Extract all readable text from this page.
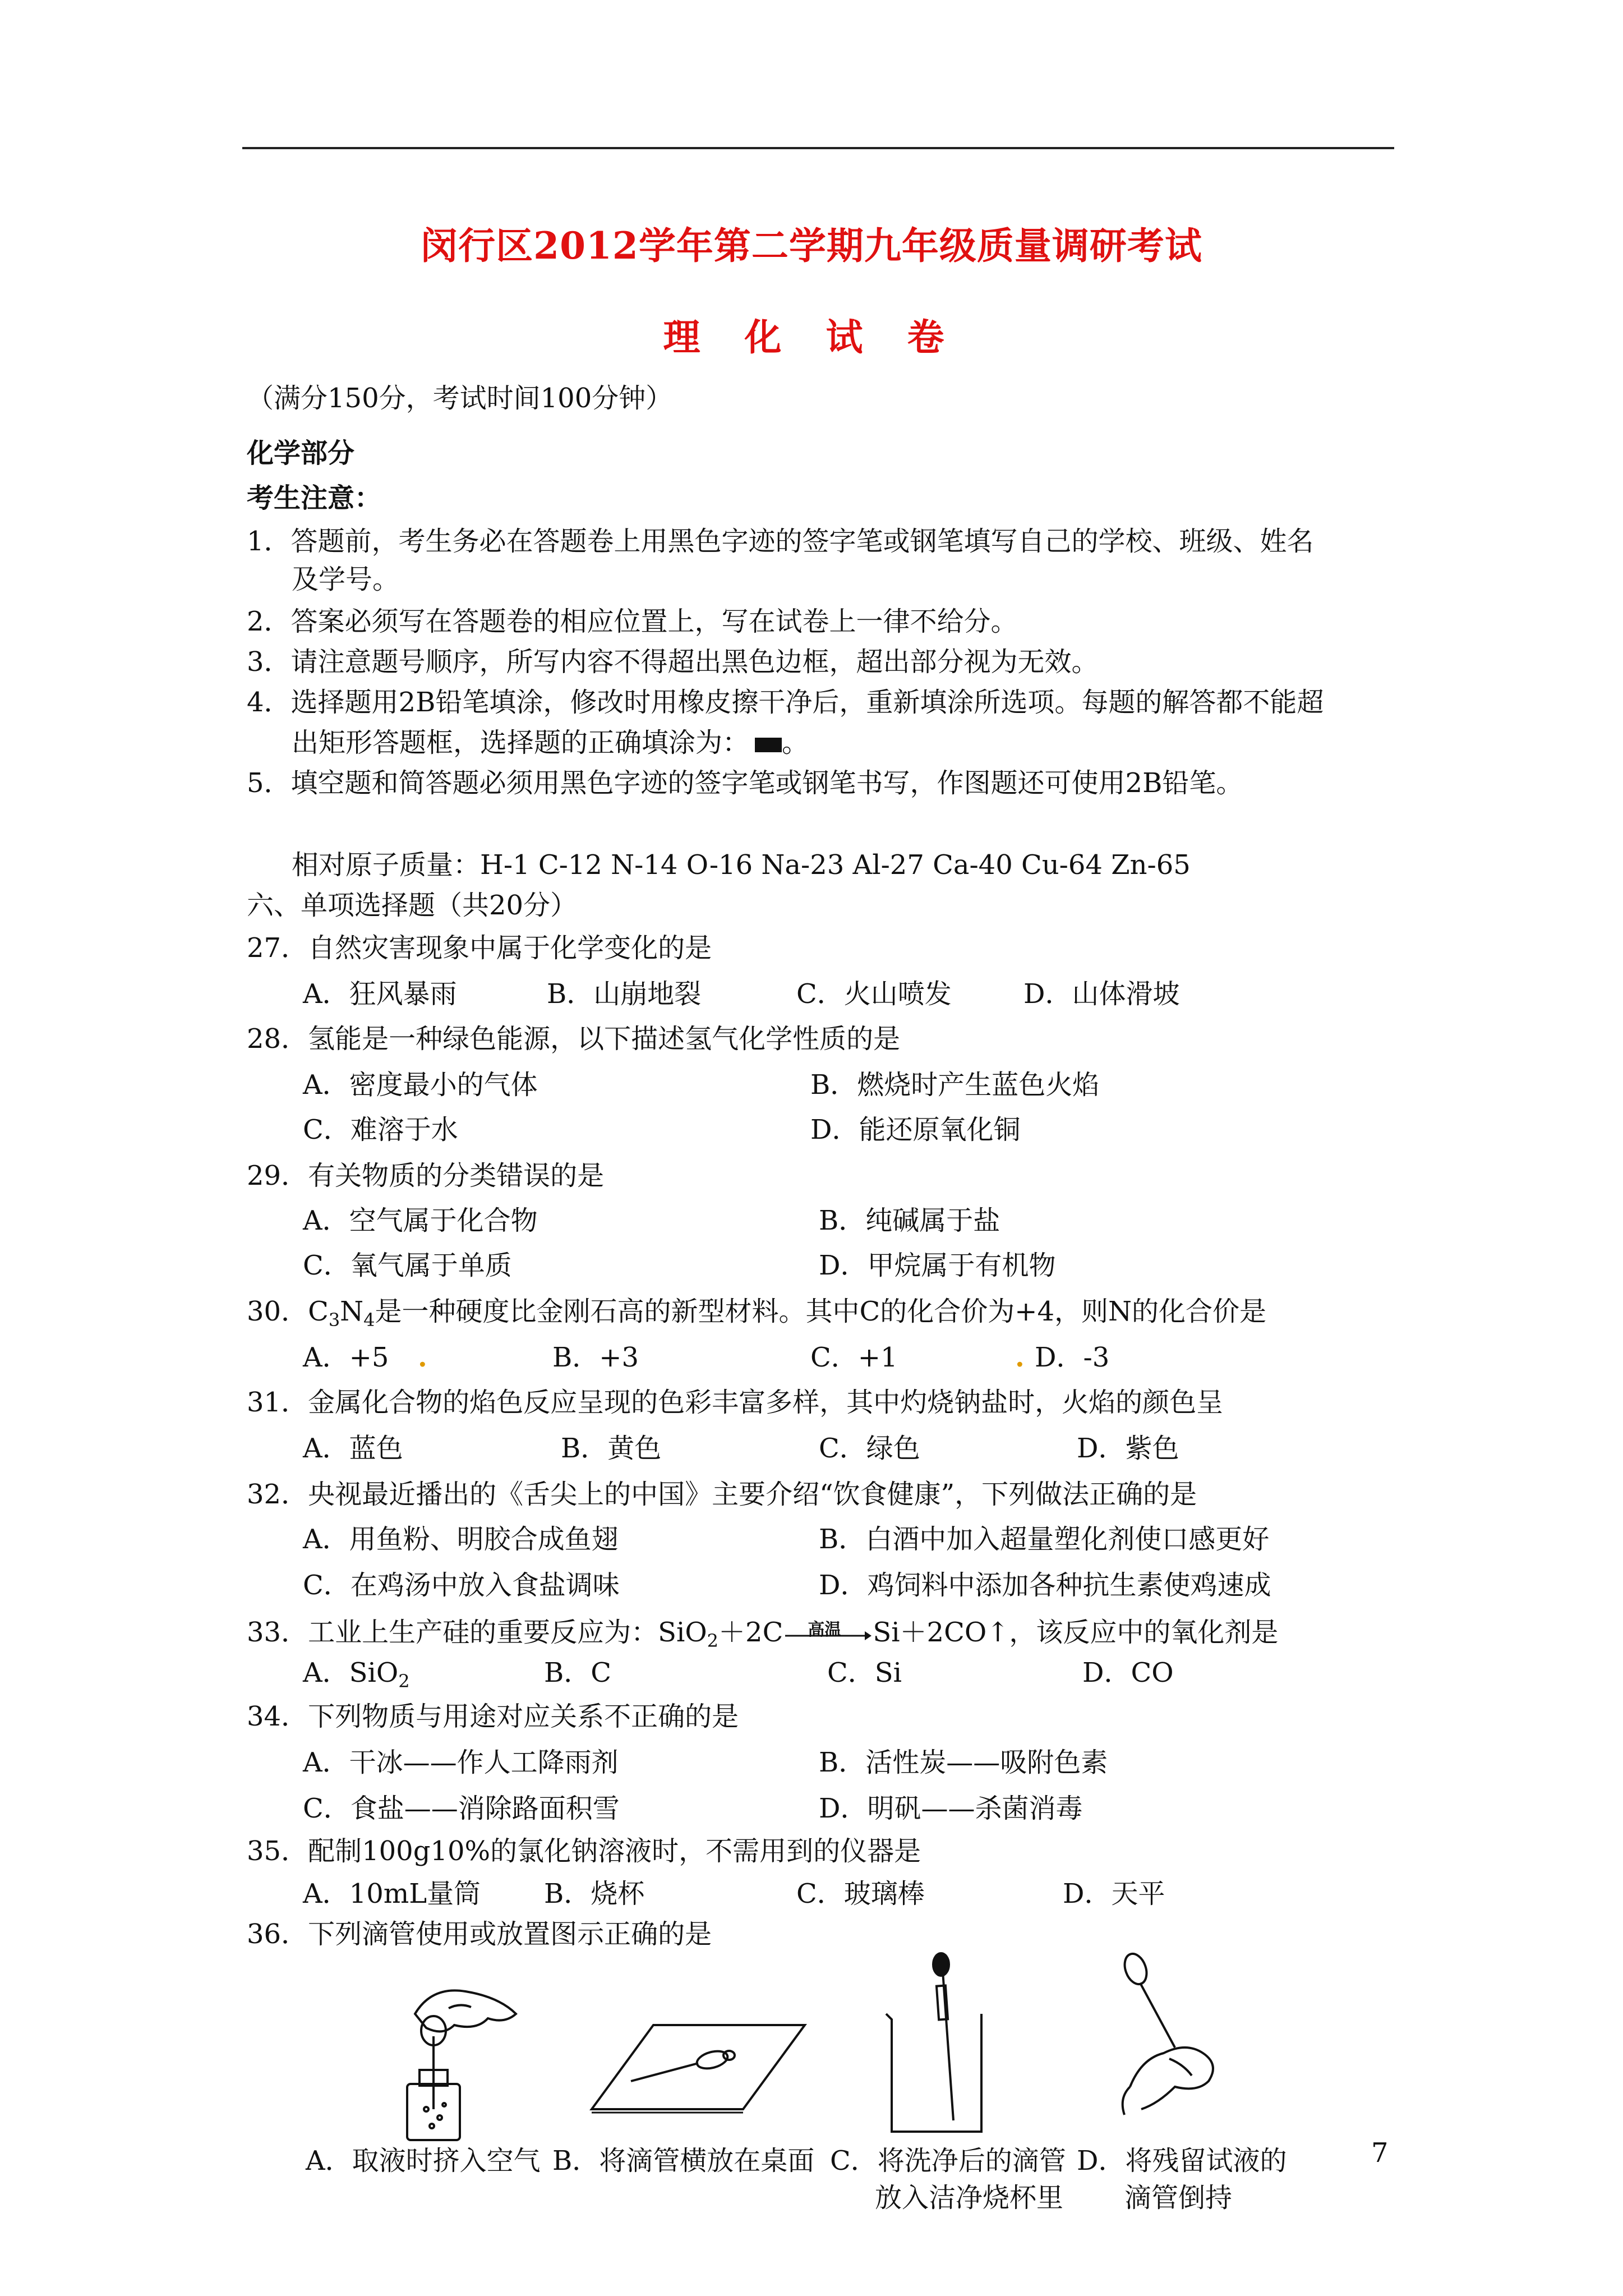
闵行区2012学年第二学期九年级质量调研考试
理 化 试 卷
（满分150分，考试时间100分钟）
化学部分
考生注意：
1．答题前，考生务必在答题卷上用黑色字迹的签字笔或钢笔填写自己的学校、班级、姓名
及学号。
2．答案必须写在答题卷的相应位置上，写在试卷上一律不给分。
3．请注意题号顺序，所写内容不得超出黑色边框，超出部分视为无效。
4．选择题用2B铅笔填涂，修改时用橡皮擦干净后，重新填涂所选项。每题的解答都不能超
出矩形答题框，选择题的正确填涂为： 。
5．填空题和简答题必须用黑色字迹的签字笔或钢笔书写，作图题还可使用2B铅笔。
相对原子质量：H-1 C-12 N-14 O-16 Na-23 Al-27 Ca-40 Cu-64 Zn-65
六、单项选择题（共20分）
27．自然灾害现象中属于化学变化的是
A．狂风暴雨	B．山崩地裂	C．火山喷发	D．山体滑坡
28．氢能是一种绿色能源，以下描述氢气化学性质的是
A．密度最小的气体	B．燃烧时产生蓝色火焰
C．难溶于水	D．能还原氧化铜
29．有关物质的分类错误的是
A．空气属于化合物	B．纯碱属于盐
C．氧气属于单质	D．甲烷属于有机物
30．$C_3N_4$是一种硬度比金刚石高的新型材料。其中C的化合价为+4，则N的化合价是
A．+5 .	B．+3	C．+1	. D．-3
31．金属化合物的焰色反应呈现的色彩丰富多样，其中灼烧钠盐时，火焰的颜色呈
A．蓝色	B．黄色	C．绿色	D．紫色
32．央视最近播出的《舌尖上的中国》主要介绍“饮食健康”，下列做法正确的是
A．用鱼粉、明胶合成鱼翅	B．白酒中加入超量塑化剂使口感更好
C．在鸡汤中放入食盐调味	D．鸡饲料中添加各种抗生素使鸡速成
33．工业上生产硅的重要反应为：SiO$_2$＋2C 高温 Si＋2CO↑，该反应中的氧化剂是
A．SiO$_2$	B．C	C．Si	D．CO
34．下列物质与用途对应关系不正确的是
A．干冰——作人工降雨剂	B．活性炭——吸附色素
C．食盐——消除路面积雪	D．明矾——杀菌消毒
35．配制100g10%的氯化钠溶液时，不需用到的仪器是
A．10mL量筒 B．烧杯	C．玻璃棒	D．天平
36．下列滴管使用或放置图示正确的是
A．取液时挤入空气 B．将滴管横放在桌面 C．将洗净后的滴管
放入洁净烧杯里
D．将残留试液的
滴管倒持
7
